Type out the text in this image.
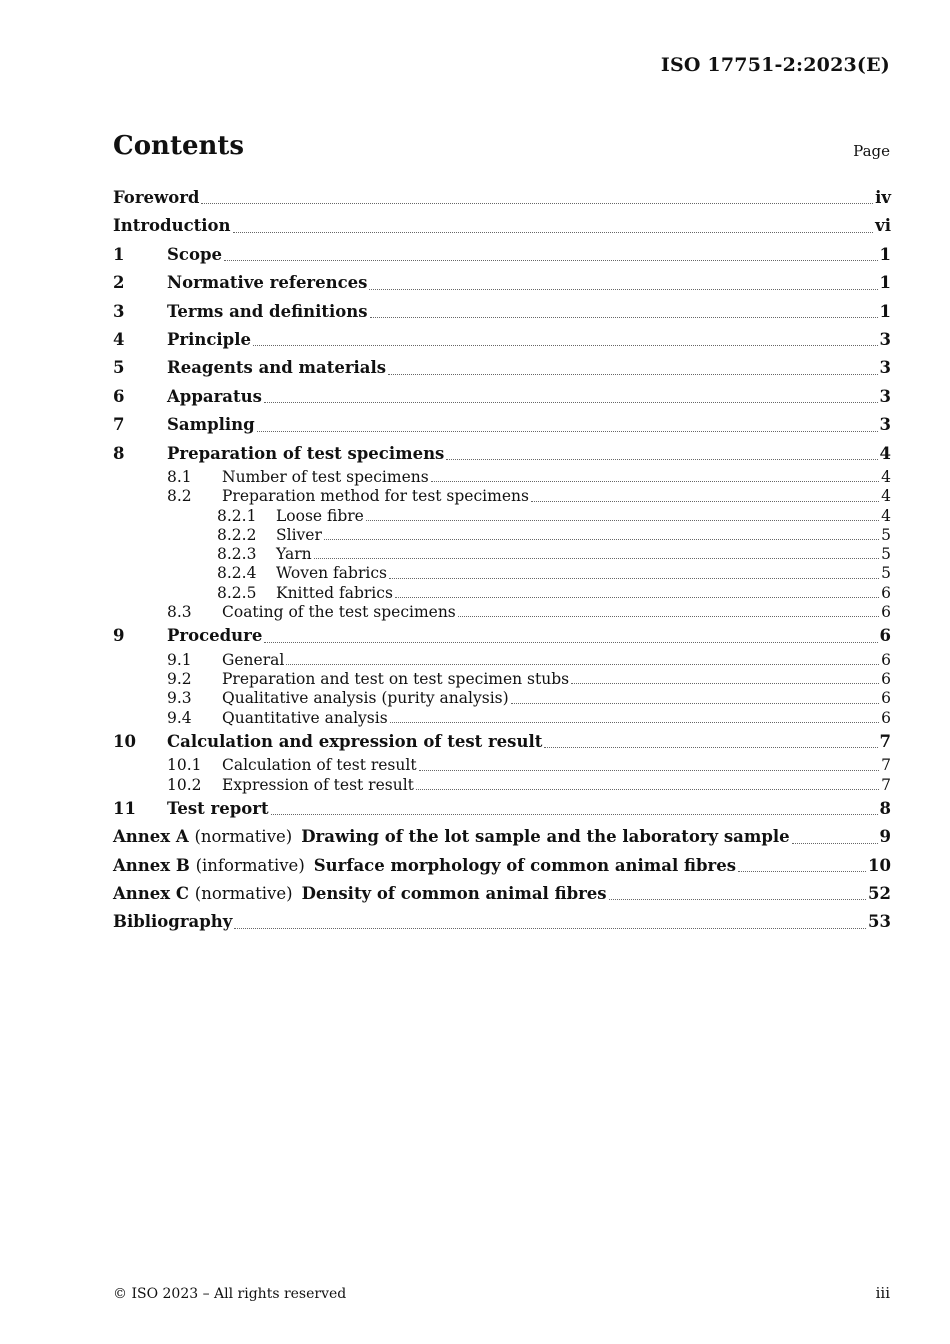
ISO 17751-2:2023(E)
Contents	Page
Foreword	iv
Introduction	vi
1	Scope	1
2	Normative references	1
3	Terms and definitions	1
4	Principle	3
5	Reagents and materials	3
6	Apparatus	3
7	Sampling	3
8	Preparation of test specimens	4
8.1	Number of test specimens	4
8.2	Preparation method for test specimens	4
8.2.1	Loose fibre	4
8.2.2	Sliver	5
8.2.3	Yarn	5
8.2.4	Woven fabrics	5
8.2.5	Knitted fabrics	6
8.3	Coating of the test specimens	6
9	Procedure	6
9.1	General	6
9.2	Preparation and test on test specimen stubs	6
9.3	Qualitative analysis (purity analysis)	6
9.4	Quantitative analysis	6
10	Calculation and expression of test result	7
10.1	Calculation of test result	7
10.2	Expression of test result	7
11	Test report	8
Annex A
(normative) Drawing of the lot sample and the laboratory sample	9
Annex B
(informative) Surface morphology of common animal fibres	10
Annex C
(normative) Density of common animal fibres	52
Bibliography	53
© ISO 2023 – All rights reserved	iii
